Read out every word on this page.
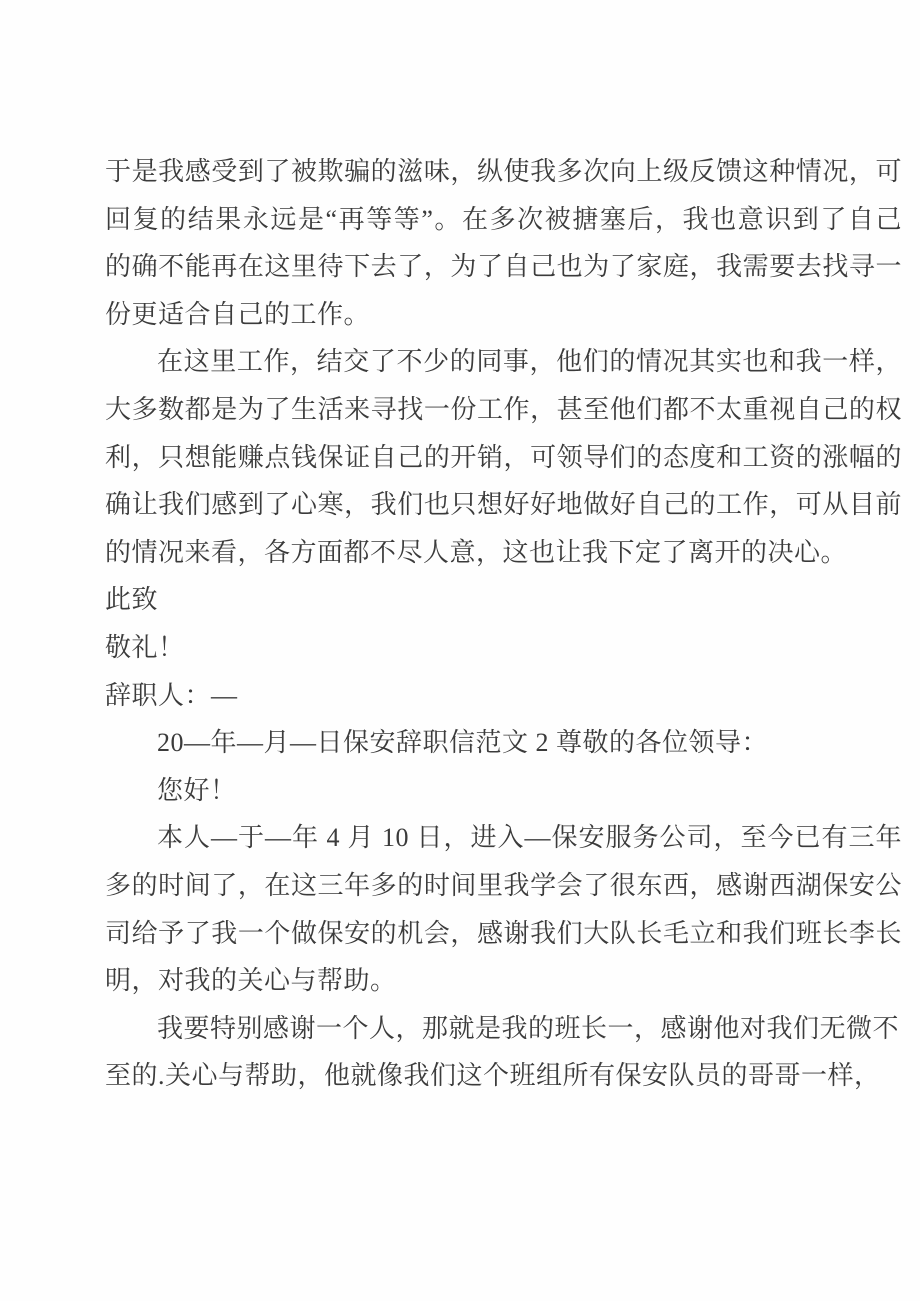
于是我感受到了被欺骗的滋味，纵使我多次向上级反馈这种情况，可
回复的结果永远是“再等等”。在多次被搪塞后，我也意识到了自己
的确不能再在这里待下去了，为了自己也为了家庭，我需要去找寻一
份更适合自己的工作。
在这里工作，结交了不少的同事，他们的情况其实也和我一样，
大多数都是为了生活来寻找一份工作，甚至他们都不太重视自己的权
利，只想能赚点钱保证自己的开销，可领导们的态度和工资的涨幅的
确让我们感到了心寒，我们也只想好好地做好自己的工作，可从目前
的情况来看，各方面都不尽人意，这也让我下定了离开的决心。
此致
敬礼！
辞职人：—
20—年—月—日保安辞职信范文 2 尊敬的各位领导：
您好！
本人—于—年 4 月 10 日，进入—保安服务公司，至今已有三年
多的时间了，在这三年多的时间里我学会了很东西，感谢西湖保安公
司给予了我一个做保安的机会，感谢我们大队长毛立和我们班长李长
明，对我的关心与帮助。
我要特别感谢一个人，那就是我的班长一，感谢他对我们无微不
至的.关心与帮助，他就像我们这个班组所有保安队员的哥哥一样，
